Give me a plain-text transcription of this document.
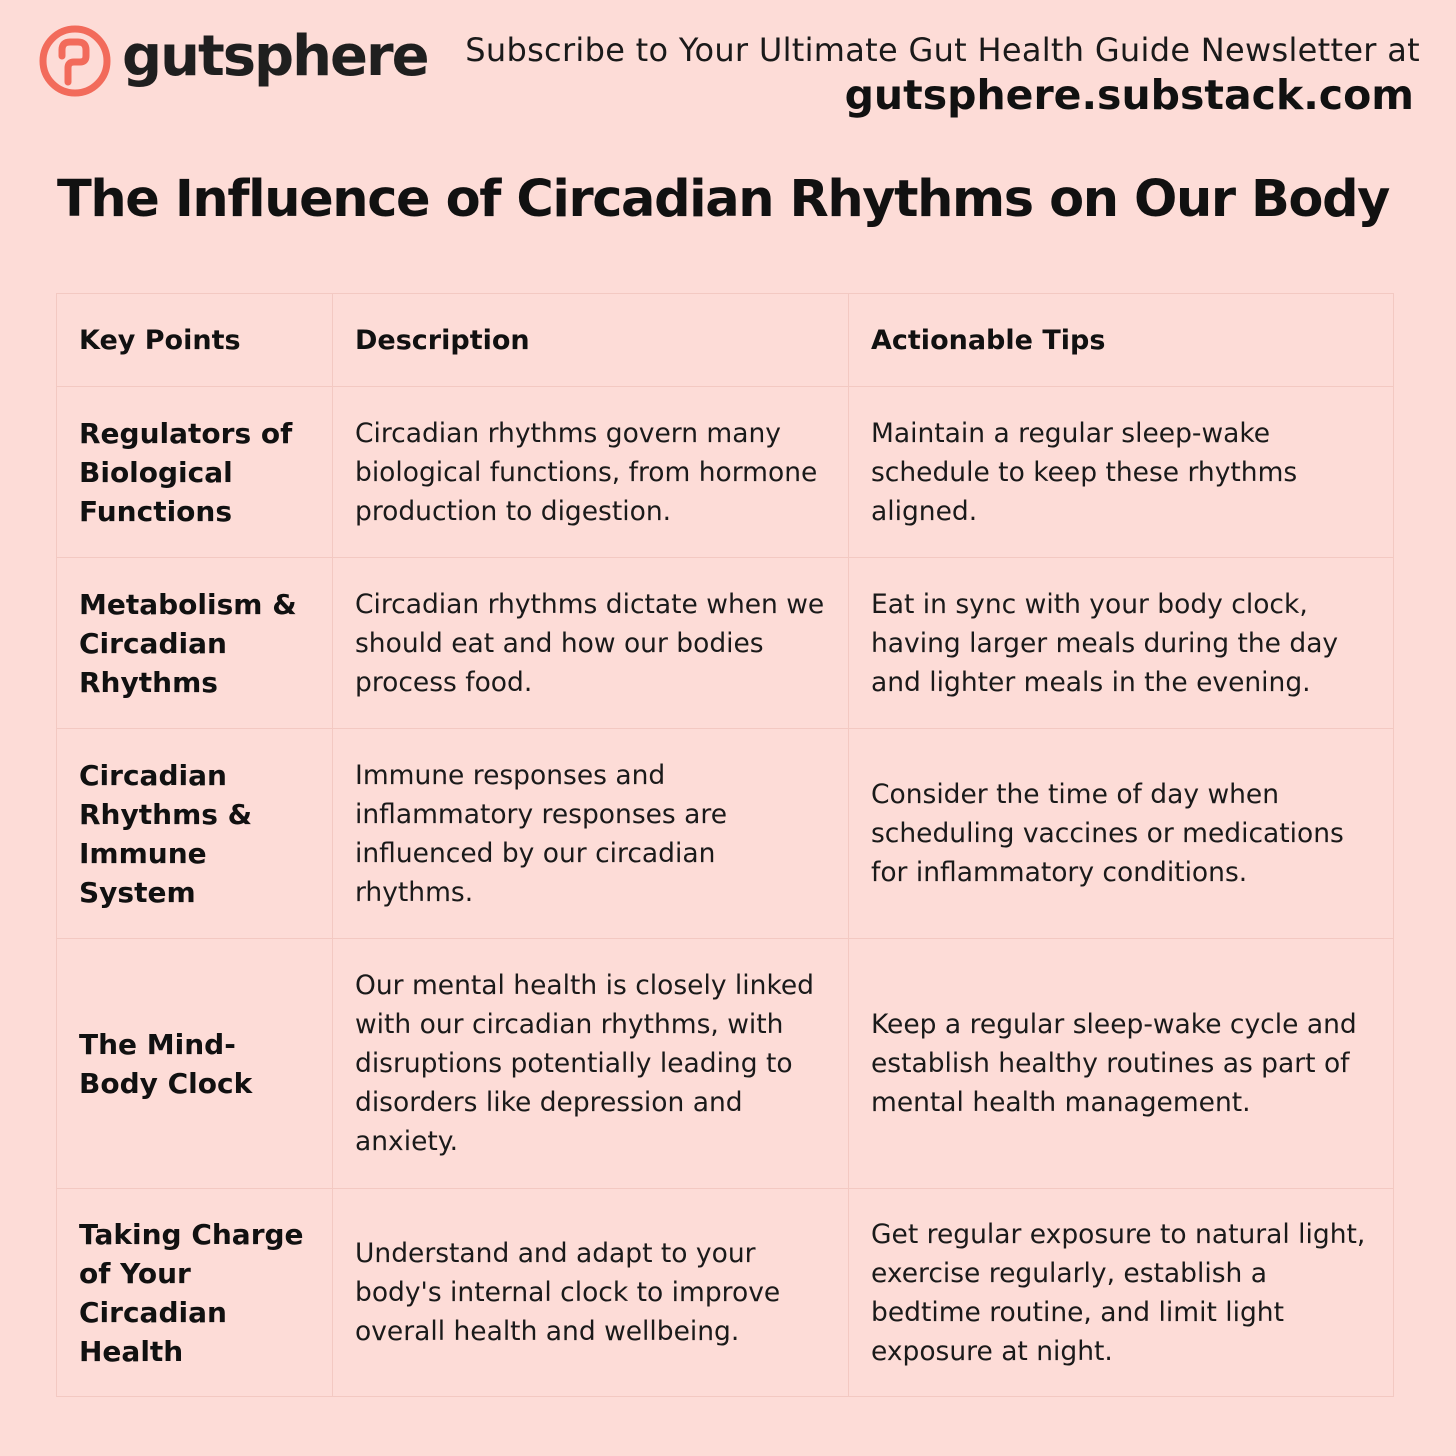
gutsphere Subscribe to Your Ultimate Gut Health Guide Newsletter at
gutsphere.substack.com
The Influence of Circadian Rhythms on Our Body
Key Points	Description	Actionable Tips
Regulators of Biological Functions	Circadian rhythms govern many biological functions, from hormone production to digestion.	Maintain a regular sleep-wake schedule to keep these rhythms aligned.
Metabolism & Circadian Rhythms	Circadian rhythms dictate when we should eat and how our bodies process food.	Eat in sync with your body clock, having larger meals during the day and lighter meals in the evening.
Circadian Rhythms & Immune System	Immune responses and inflammatory responses are influenced by our circadian rhythms.	Consider the time of day when scheduling vaccines or medications for inflammatory conditions.
The Mind-Body Clock	Our mental health is closely linked with our circadian rhythms, with disruptions potentially leading to disorders like depression and anxiety.	Keep a regular sleep-wake cycle and establish healthy routines as part of mental health management.
Taking Charge of Your Circadian Health	Understand and adapt to your body's internal clock to improve overall health and wellbeing.	Get regular exposure to natural light, exercise regularly, establish a bedtime routine, and limit light exposure at night.
